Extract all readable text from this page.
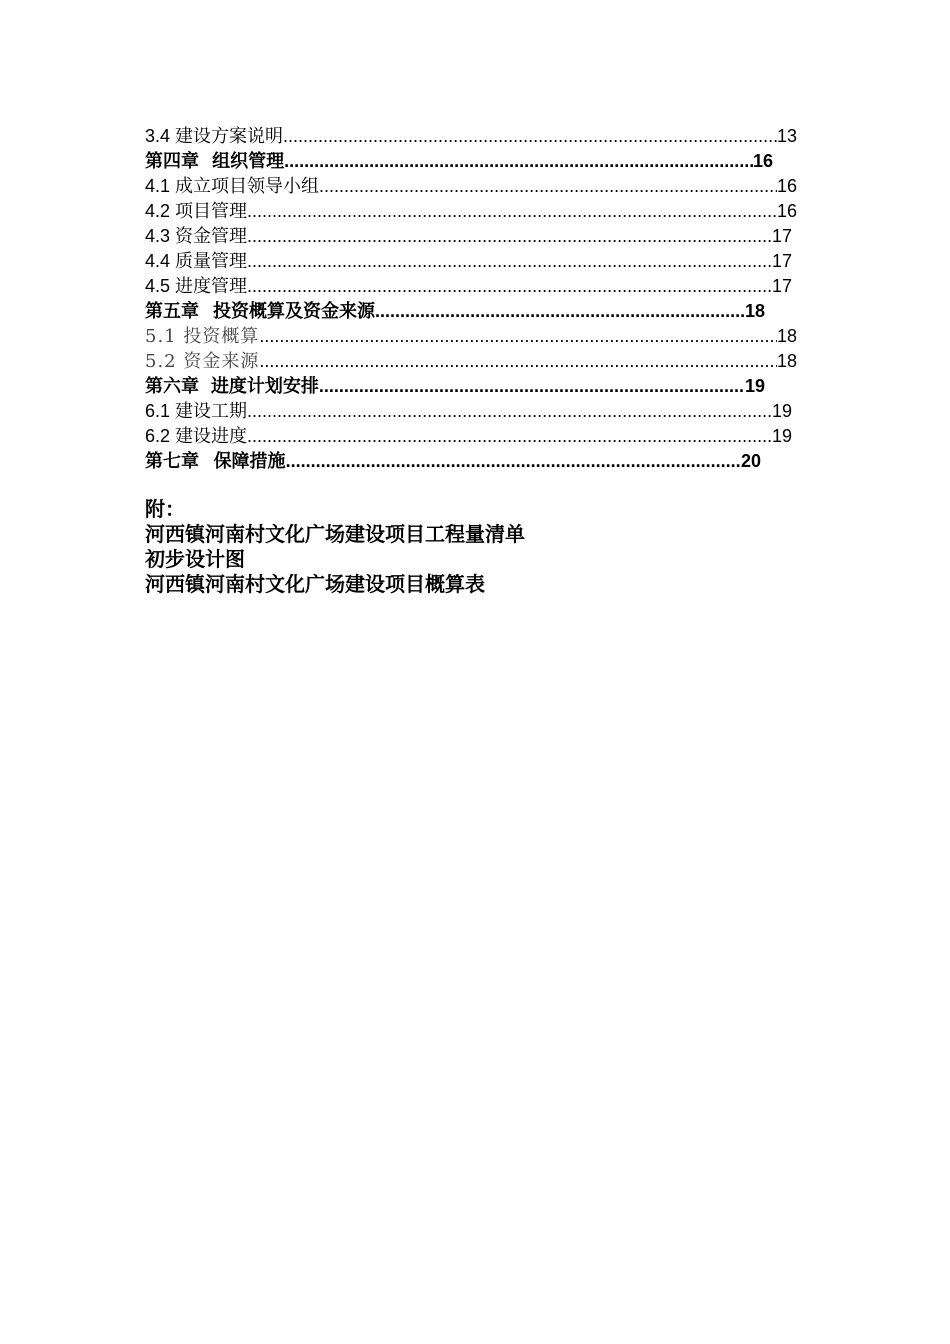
3.4 建设方案说明 .....	13
第四章 组织管理 .....	16
4.1 成立项目领导小组 .....	16
4.2 项目管理 .....	16
4.3 资金管理 .....	17
4.4 质量管理 .....	17
4.5 进度管理 .....	17
第五章 投资概算及资金来源 .....	18
5.1 投资概算 .....	18
5.2 资金来源 .....	18
第六章 进度计划安排 .....	19
6.1 建设工期 .....	19
6.2 建设进度 .....	19
第七章 保障措施 .....	20
附：
河西镇河南村文化广场建设项目工程量清单
初步设计图
河西镇河南村文化广场建设项目概算表
